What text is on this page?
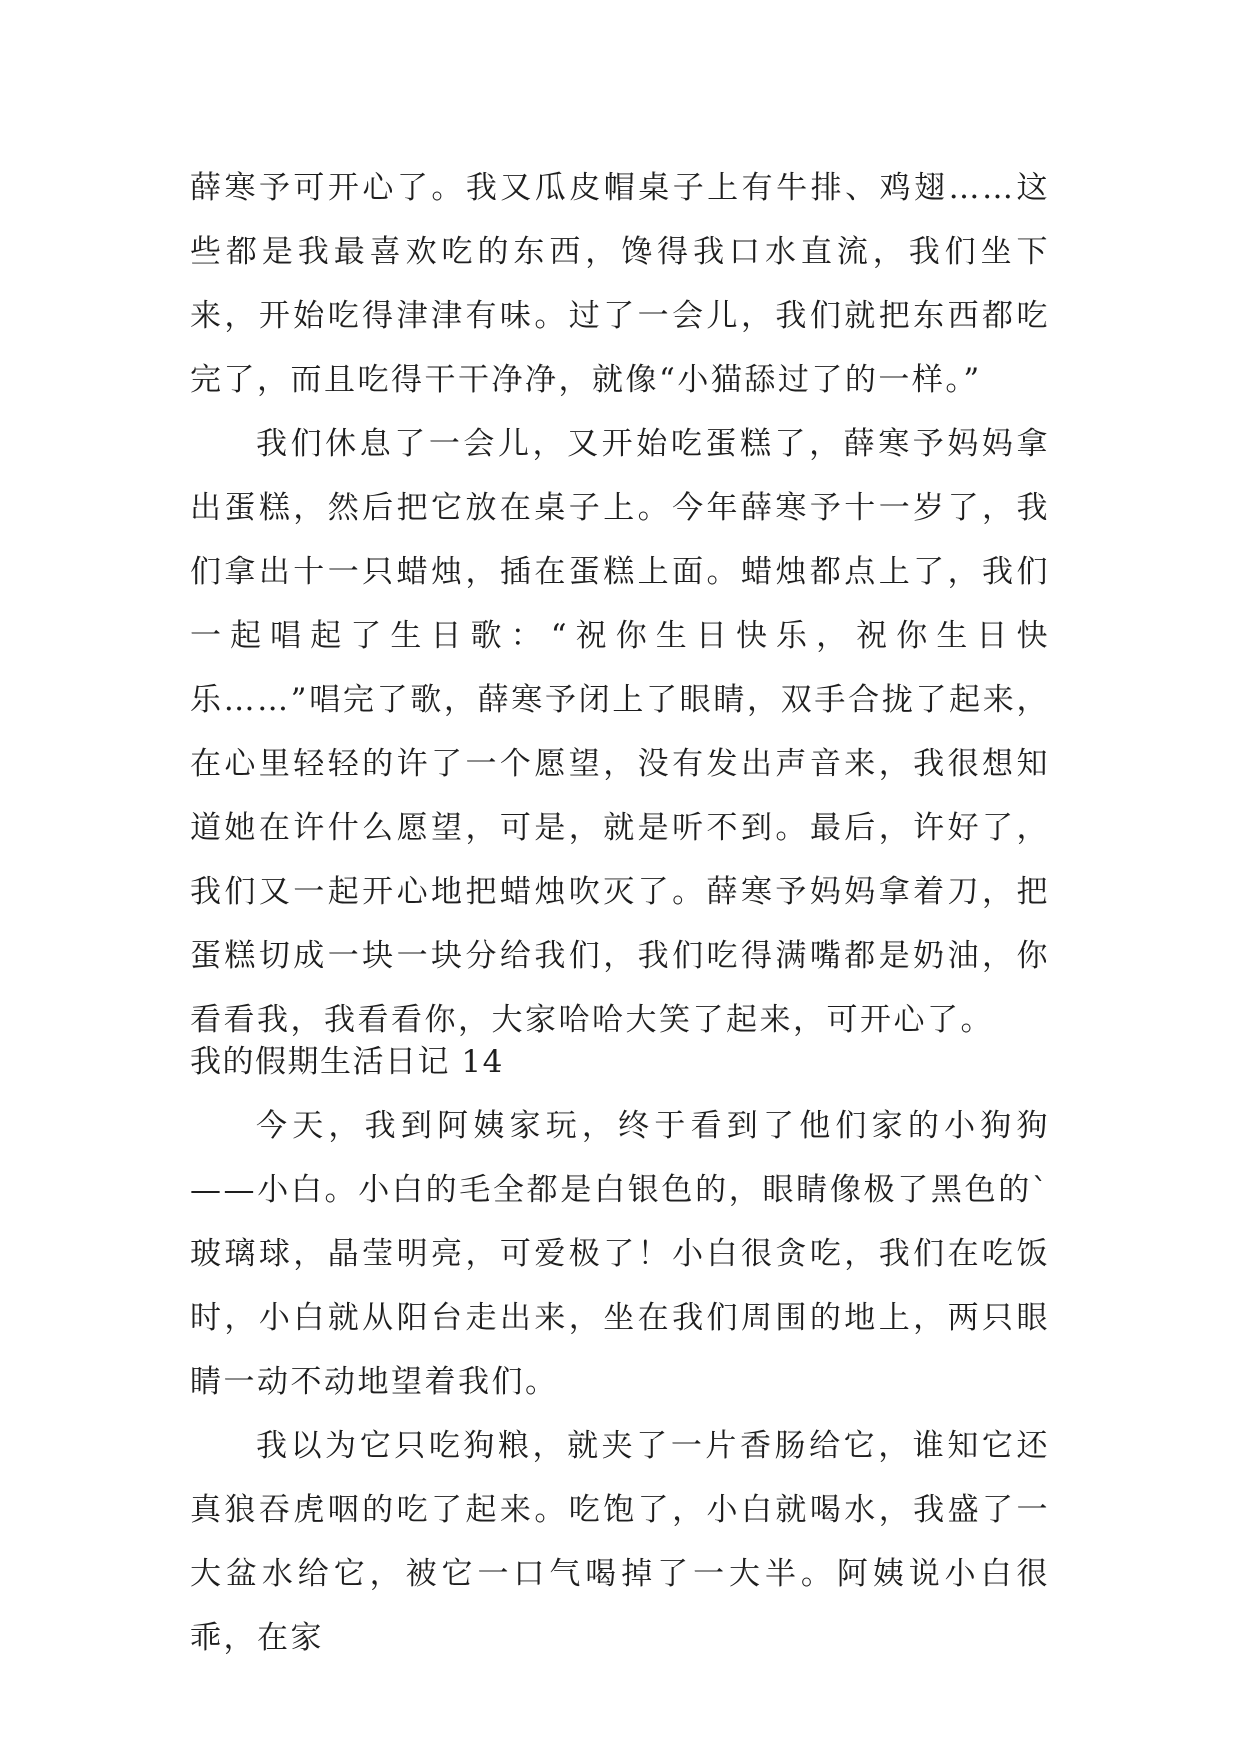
薛寒予可开心了。我又瓜皮帽桌子上有牛排、鸡翅……这些都是我最喜欢吃的东西，馋得我口水直流，我们坐下来，开始吃得津津有味。过了一会儿，我们就把东西都吃完了，而且吃得干干净净，就像“小猫舔过了的一样。”

我们休息了一会儿，又开始吃蛋糕了，薛寒予妈妈拿出蛋糕，然后把它放在桌子上。今年薛寒予十一岁了，我们拿出十一只蜡烛，插在蛋糕上面。蜡烛都点上了，我们一起唱起了生日歌：“祝你生日快乐，祝你生日快乐……”唱完了歌，薛寒予闭上了眼睛，双手合拢了起来，在心里轻轻的许了一个愿望，没有发出声音来，我很想知道她在许什么愿望，可是，就是听不到。最后，许好了，我们又一起开心地把蜡烛吹灭了。薛寒予妈妈拿着刀，把蛋糕切成一块一块分给我们，我们吃得满嘴都是奶油，你看看我，我看看你，大家哈哈大笑了起来，可开心了。

我的假期生活日记 14

今天，我到阿姨家玩，终于看到了他们家的小狗狗——小白。小白的毛全都是白银色的，眼睛像极了黑色的`玻璃球，晶莹明亮，可爱极了！小白很贪吃，我们在吃饭时，小白就从阳台走出来，坐在我们周围的地上，两只眼睛一动不动地望着我们。

我以为它只吃狗粮，就夹了一片香肠给它，谁知它还真狼吞虎咽的吃了起来。吃饱了，小白就喝水，我盛了一大盆水给它，被它一口气喝掉了一大半。阿姨说小白很乖，在家
